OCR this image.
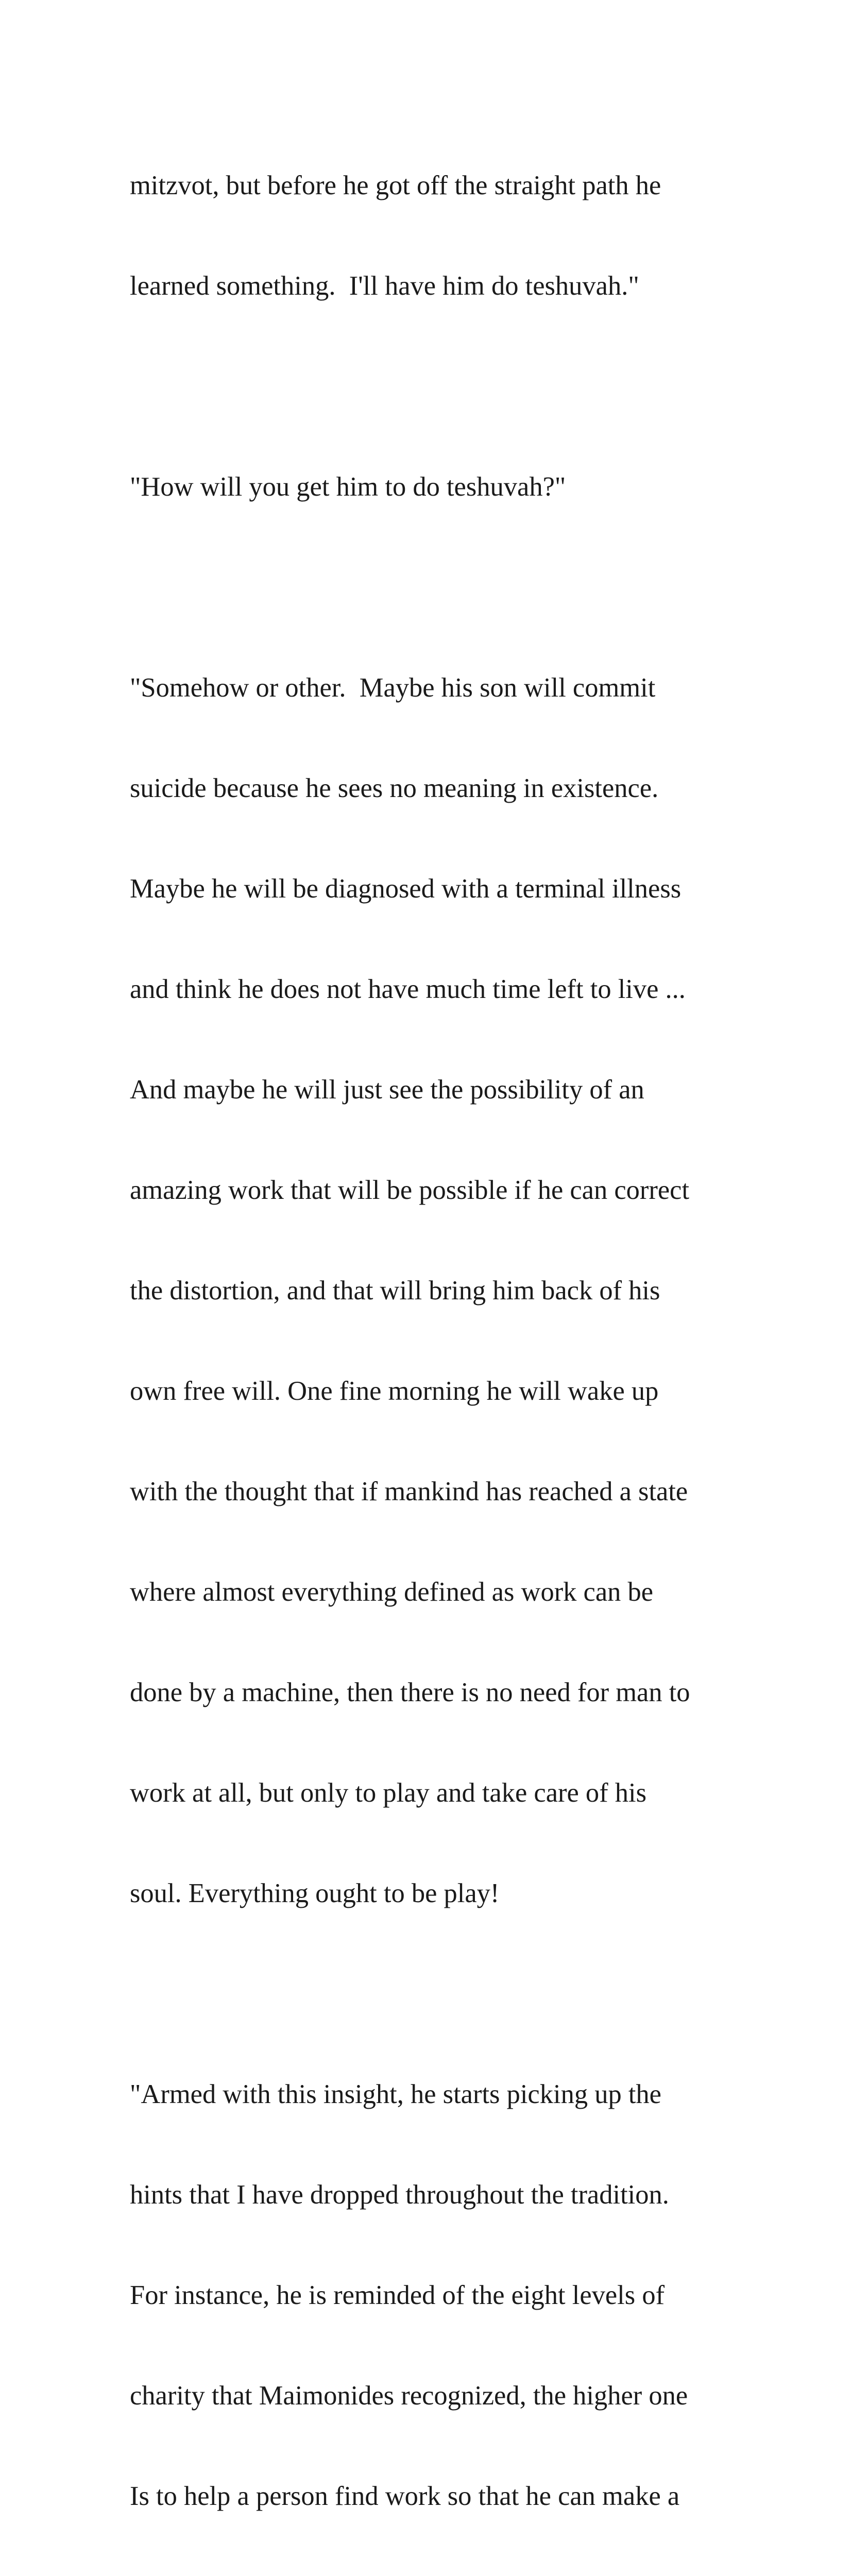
mitzvot, but before he got off the straight path he

learned something.  I'll have him do teshuvah."

"How will you get him to do teshuvah?"

"Somehow or other.  Maybe his son will commit

suicide because he sees no meaning in existence.

Maybe he will be diagnosed with a terminal illness

and think he does not have much time left to live ...

And maybe he will just see the possibility of an

amazing work that will be possible if he can correct

the distortion, and that will bring him back of his

own free will. One fine morning he will wake up

with the thought that if mankind has reached a state

where almost everything defined as work can be

done by a machine, then there is no need for man to

work at all, but only to play and take care of his

soul. Everything ought to be play!

"Armed with this insight, he starts picking up the

hints that I have dropped throughout the tradition.

For instance, he is reminded of the eight levels of

charity that Maimonides recognized, the higher one

Is to help a person find work so that he can make a
